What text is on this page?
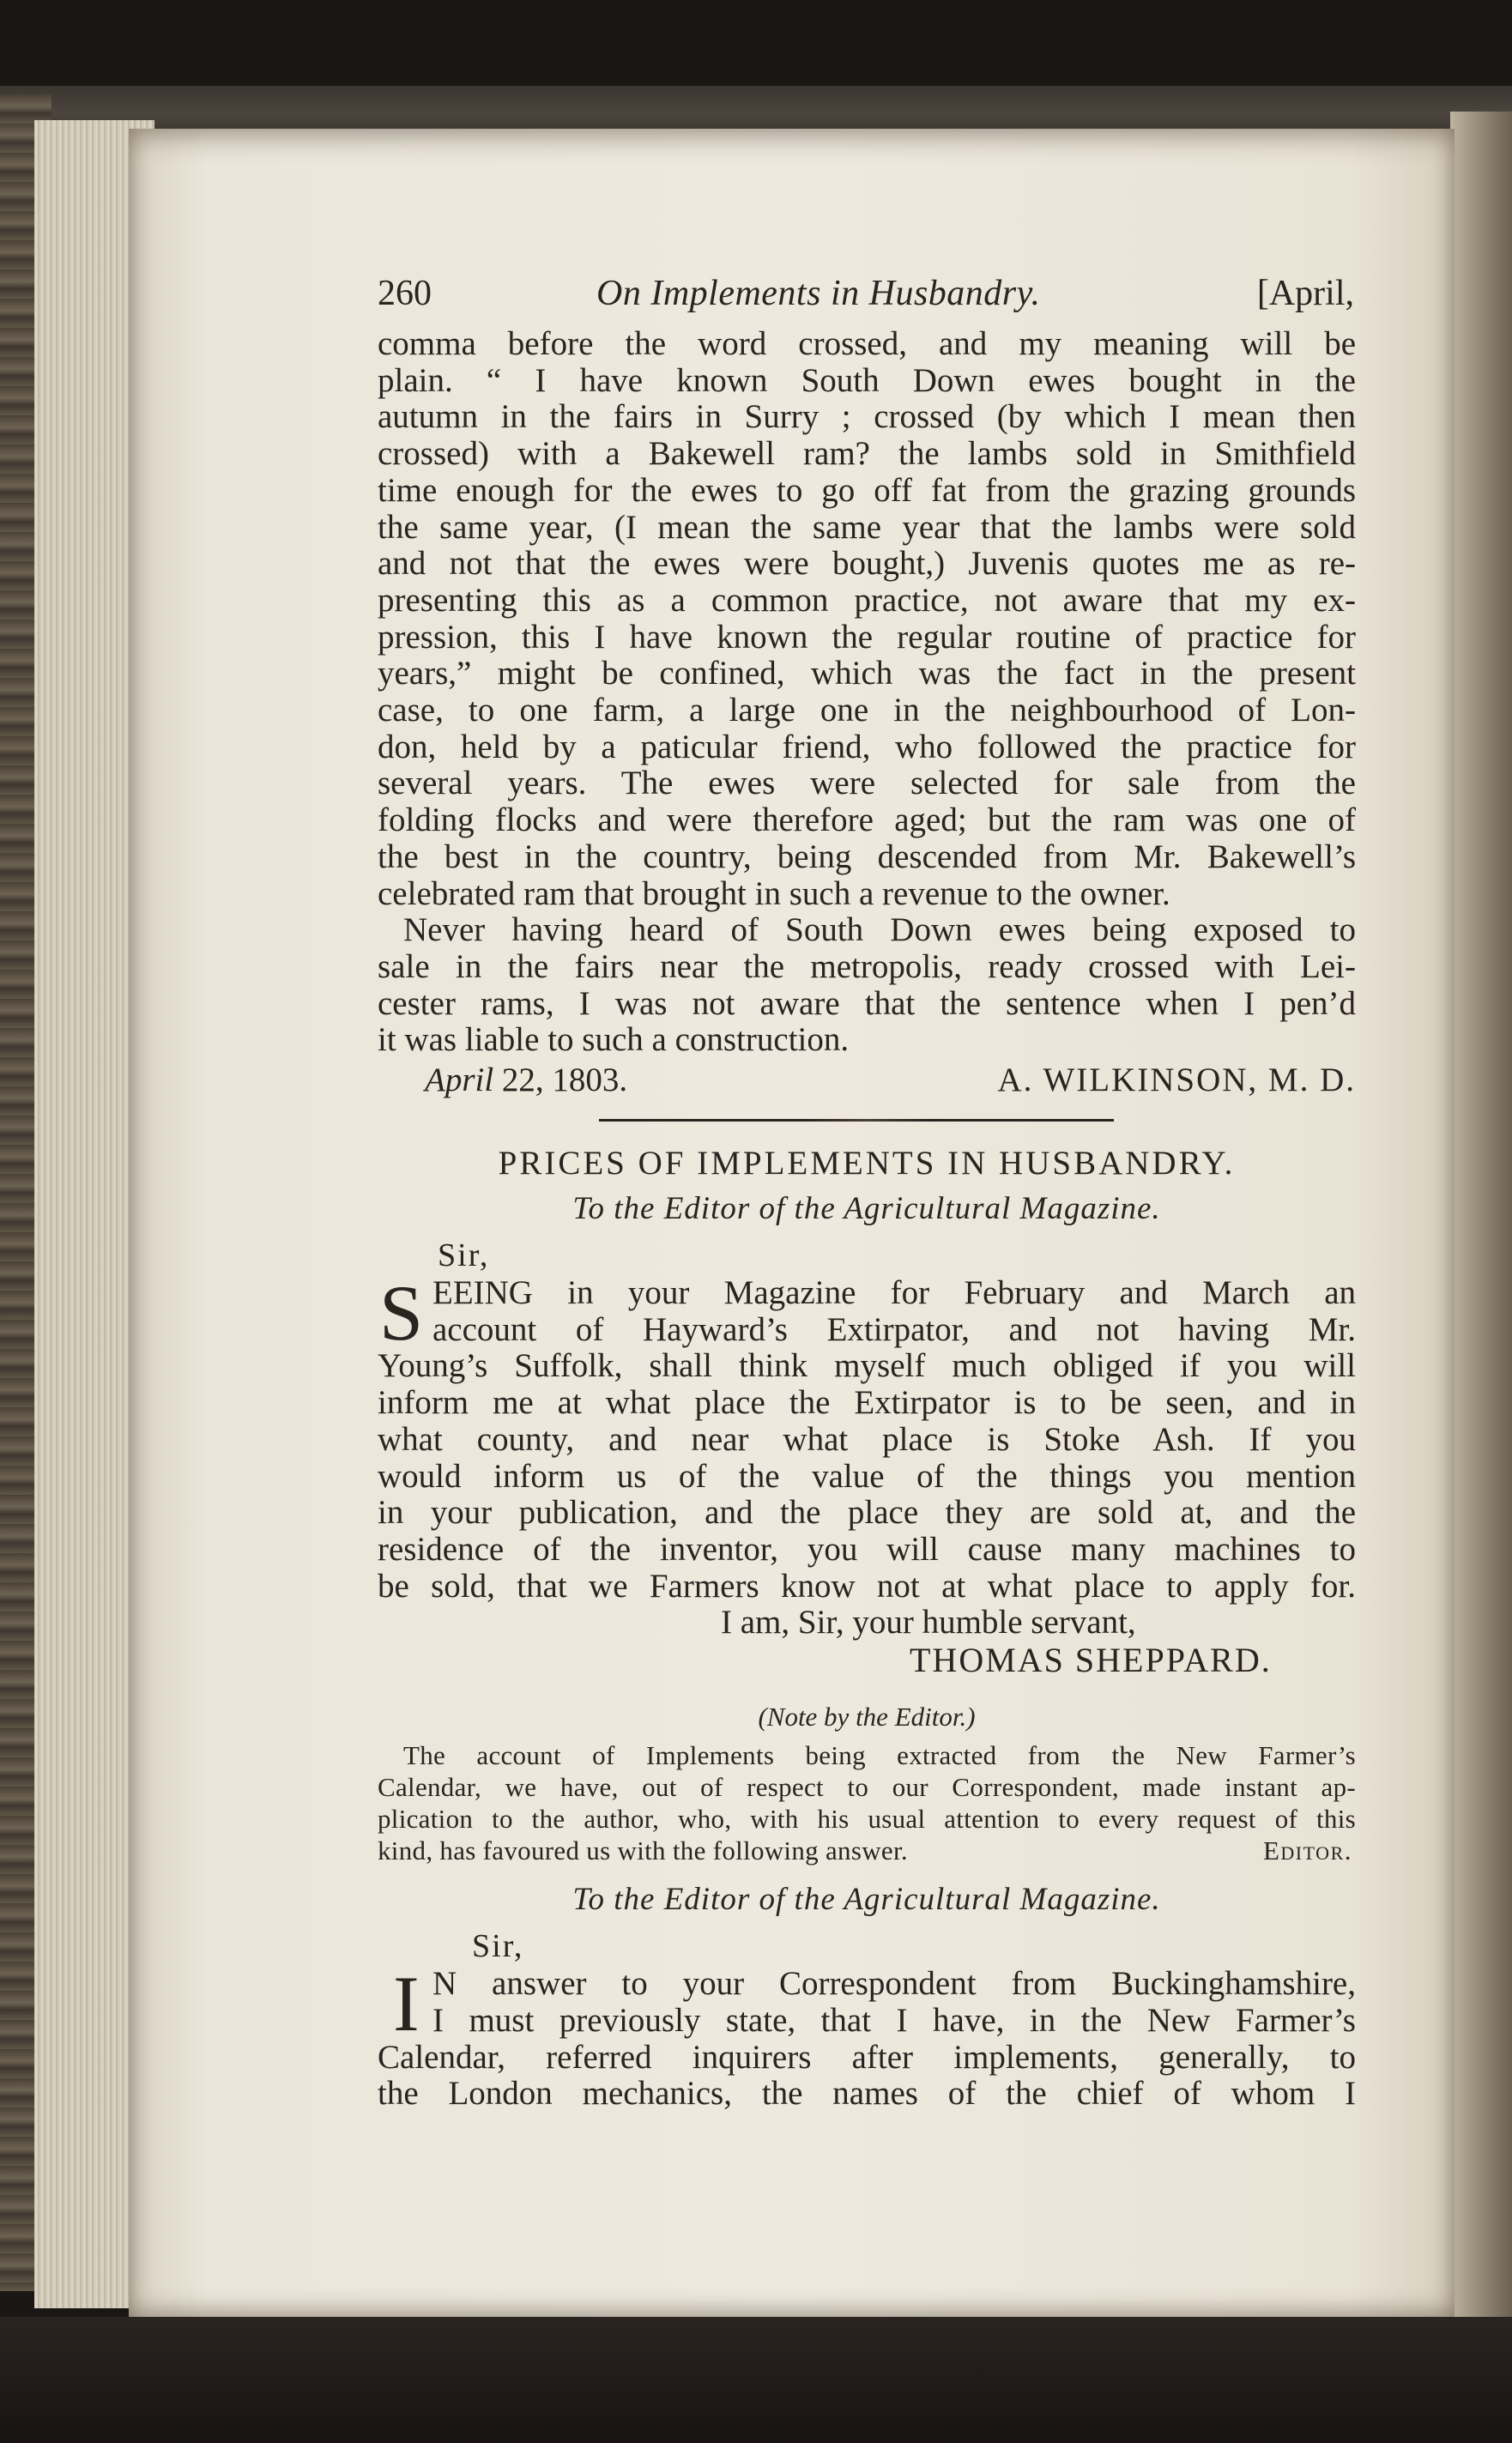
260	On Implements in Husbandry.	[April,
comma before the word crossed, and my meaning will be
plain. “ I have known South Down ewes bought in the
autumn in the fairs in Surry ; crossed (by which I mean then
crossed) with a Bakewell ram? the lambs sold in Smithfield
time enough for the ewes to go off fat from the grazing grounds
the same year, (I mean the same year that the lambs were sold
and not that the ewes were bought,) Juvenis quotes me as re-
presenting this as a common practice, not aware that my ex-
pression, this I have known the regular routine of practice for
years,” might be confined, which was the fact in the present
case, to one farm, a large one in the neighbourhood of Lon-
don, held by a paticular friend, who followed the practice for
several years. The ewes were selected for sale from the
folding flocks and were therefore aged; but the ram was one of
the best in the country, being descended from Mr. Bakewell’s
celebrated ram that brought in such a revenue to the owner.
Never having heard of South Down ewes being exposed to
sale in the fairs near the metropolis, ready crossed with Lei-
cester rams, I was not aware that the sentence when I pen’d
it was liable to such a construction.
April 22, 1803.	A. WILKINSON, M. D.
PRICES OF IMPLEMENTS IN HUSBANDRY.
To the Editor of the Agricultural Magazine.
Sir,
S EEING in your Magazine for February and March an
account of Hayward’s Extirpator, and not having Mr.
Young’s Suffolk, shall think myself much obliged if you will
inform me at what place the Extirpator is to be seen, and in
what county, and near what place is Stoke Ash. If you
would inform us of the value of the things you mention
in your publication, and the place they are sold at, and the
residence of the inventor, you will cause many machines to
be sold, that we Farmers know not at what place to apply for.
I am, Sir, your humble servant,
THOMAS SHEPPARD.
(Note by the Editor.)
The account of Implements being extracted from the New Farmer’s
Calendar, we have, out of respect to our Correspondent, made instant ap-
plication to the author, who, with his usual attention to every request of this
kind, has favoured us with the following answer.	Editor.
To the Editor of the Agricultural Magazine.
Sir,
I N answer to your Correspondent from Buckinghamshire,
I must previously state, that I have, in the New Farmer’s
Calendar, referred inquirers after implements, generally, to
the London mechanics, the names of the chief of whom I
